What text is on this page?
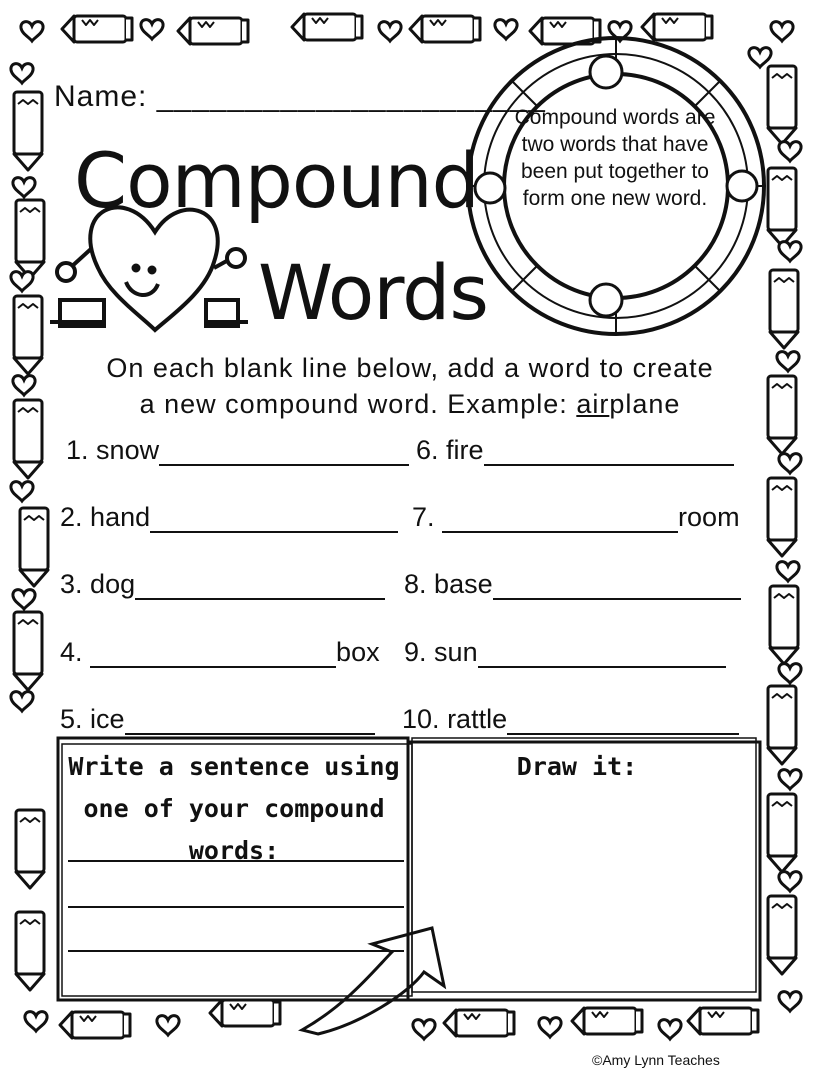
Name: ______________________
Compound
Words
Compound words are two words that have been put together to form one new word.
On each blank line below, add a word to create
a new compound word. Example: airplane
1.
snow
2.
hand
3.
dog
4.
	box
5.
ice
6.
fire
7.
	room
8.
base
9.
sun
10.
rattle
Write a sentence using one of your compound words:
Draw it:
©Amy Lynn Teaches
